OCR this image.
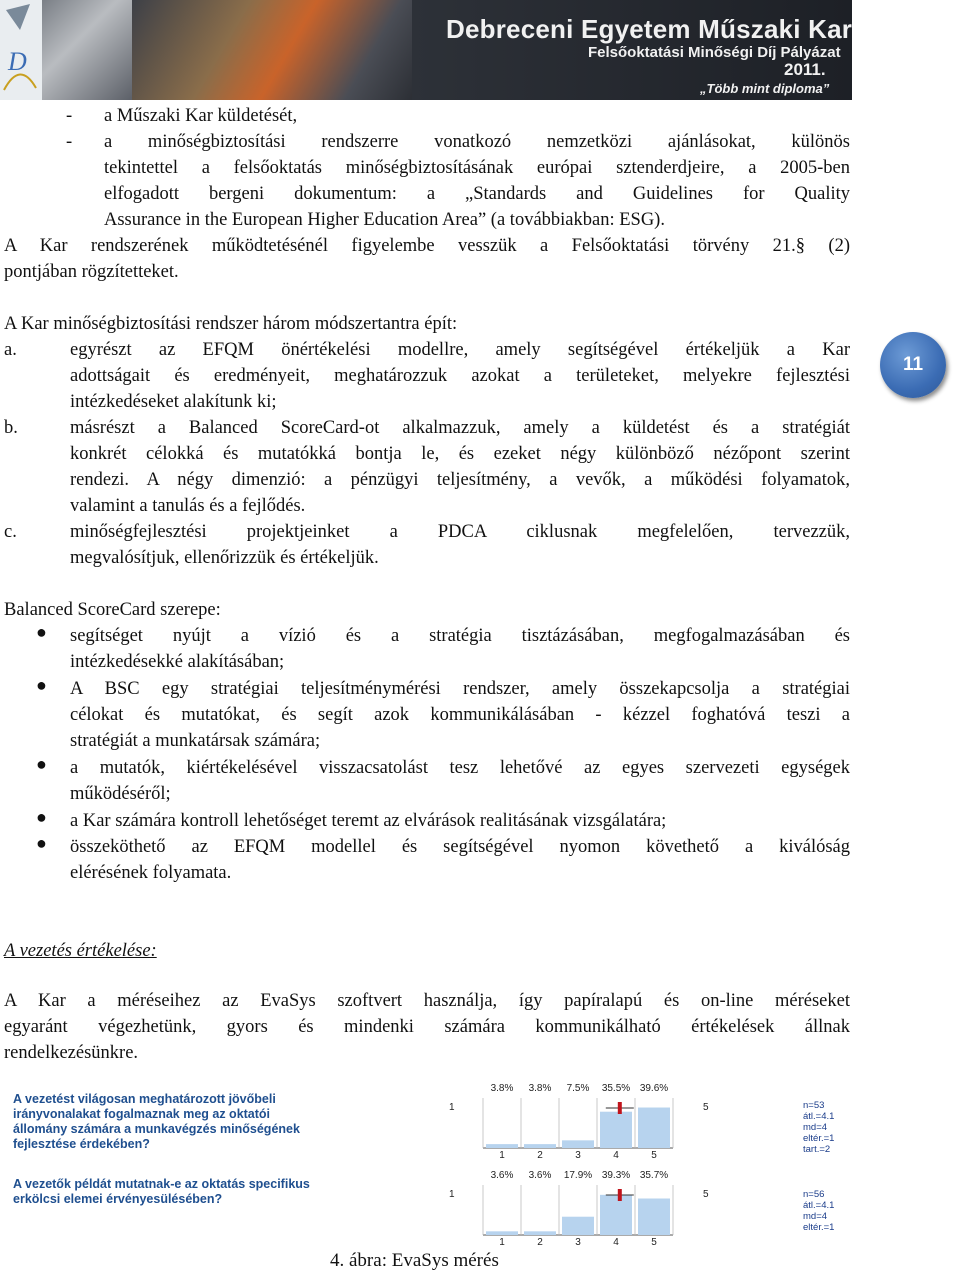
D
Debreceni Egyetem Műszaki Kar
Felsőoktatási Minőségi Díj Pályázat
2011.
„Több mint diploma”
11
- a Műszaki Kar küldetését,
- a minőségbiztosítási rendszerre vonatkozó nemzetközi ajánlásokat, különös
tekintettel a felsőoktatás minőségbiztosításának európai sztenderdjeire, a 2005-ben
elfogadott bergeni dokumentum: a „Standards and Guidelines for Quality
Assurance in the European Higher Education Area” (a továbbiakban: ESG).
A Kar rendszerének működtetésénél figyelembe vesszük a Felsőoktatási törvény 21.§ (2)
pontjában rögzítetteket.
A Kar minőségbiztosítási rendszer három módszertantra épít:
a.	egyrészt az EFQM önértékelési modellre, amely segítségével értékeljük a Kar
adottságait és eredményeit, meghatározzuk azokat a területeket, melyekre fejlesztési
intézkedéseket alakítunk ki;
b.	másrészt a Balanced ScoreCard-ot alkalmazzuk, amely a küldetést és a stratégiát
konkrét célokká és mutatókká bontja le, és ezeket négy különböző nézőpont szerint
rendezi. A négy dimenzió: a pénzügyi teljesítmény, a vevők, a működési folyamatok,
valamint a tanulás és a fejlődés.
c.	minőségfejlesztési projektjeinket a PDCA ciklusnak megfelelően, tervezzük,
megvalósítjuk, ellenőrizzük és értékeljük.
Balanced ScoreCard szerepe:
● segítséget nyújt a vízió és a stratégia tisztázásában, megfogalmazásában és
intézkedésekké alakításában;
● A BSC egy stratégiai teljesítménymérési rendszer, amely összekapcsolja a stratégiai
célokat és mutatókat, és segít azok kommunikálásában - kézzel foghatóvá teszi a
stratégiát a munkatársak számára;
● a mutatók, kiértékelésével visszacsatolást tesz lehetővé az egyes szervezeti egységek
működéséről;
● a Kar számára kontroll lehetőséget teremt az elvárások realitásának vizsgálatára;
● összeköthető az EFQM modellel és segítségével nyomon követhető a kiválóság
elérésének folyamata.
A vezetés értékelése:
A Kar a méréseihez az EvaSys szoftvert használja, így papíralapú és on-line méréseket
egyaránt végezhetünk, gyors és mindenki számára kommunikálható értékelések állnak
rendelkezésünkre.
A vezetést világosan meghatározott jövőbeli
irányvonalakat fogalmaznak meg az oktatói
állomány számára a munkavégzés minőségének
fejlesztése érdekében?
3.8%	3.8%	7.5%	35.5% 39.6%
1	5
1	2	3	4	5
n=53
átl.=4.1
md=4
eltér.=1
tart.=2
A vezetők példát mutatnak-e az oktatás specifikus
erkölcsi elemei érvényesülésében?
3.6%	3.6%	17.9% 39.3% 35.7%
1	5
1	2	3	4	5
n=56
átl.=4.1
md=4
eltér.=1
4. ábra: EvaSys mérés
